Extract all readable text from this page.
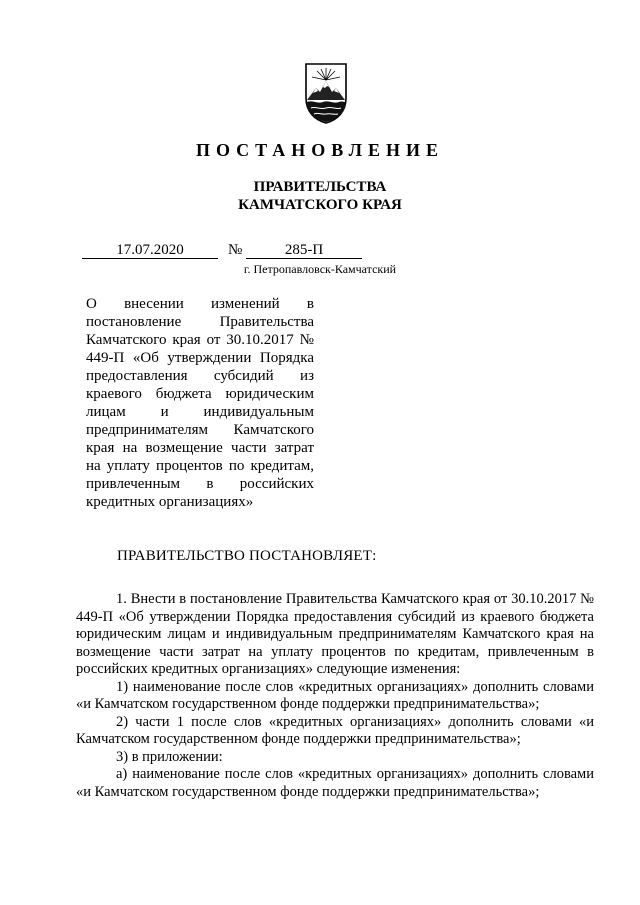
ПОСТАНОВЛЕНИЕ
ПРАВИТЕЛЬСТВА
КАМЧАТСКОГО КРАЯ
17.07.2020	№	285-П
г. Петропавловск-Камчатский

О внесении изменений в постановление Правительства Камчатского края от 30.10.2017 № 449-П «Об утверждении Порядка предоставления субсидий из краевого бюджета юридическим лицам и индивидуальным предпринимателям Камчатского края на возмещение части затрат на уплату процентов по кредитам, привлеченным в российских кредитных организациях»

ПРАВИТЕЛЬСТВО ПОСТАНОВЛЯЕТ:

1. Внести в постановление Правительства Камчатского края от 30.10.2017 № 449-П «Об утверждении Порядка предоставления субсидий из краевого бюджета юридическим лицам и индивидуальным предпринимателям Камчатского края на возмещение части затрат на уплату процентов по кредитам, привлеченным в российских кредитных организациях» следующие изменения:

1) наименование после слов «кредитных организациях» дополнить словами «и Камчатском государственном фонде поддержки предпринимательства»;

2) части 1 после слов «кредитных организациях» дополнить словами «и Камчатском государственном фонде поддержки предпринимательства»;

3) в приложении:

а) наименование после слов «кредитных организациях» дополнить словами «и Камчатском государственном фонде поддержки предпринимательства»;
